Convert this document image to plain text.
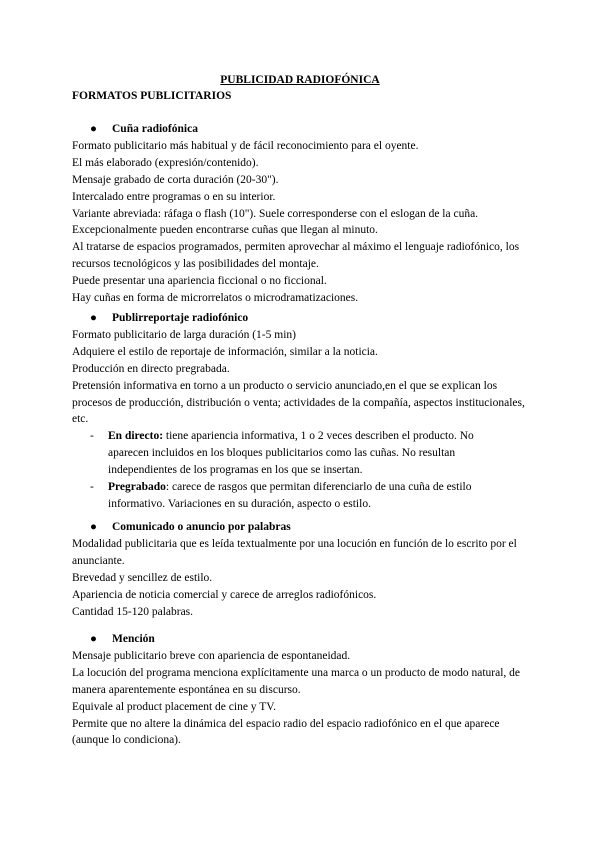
PUBLICIDAD RADIOFÓNICA
FORMATOS PUBLICITARIOS
●	Cuña radiofónica
Formato publicitario más habitual y de fácil reconocimiento para el oyente.
El más elaborado (expresión/contenido).
Mensaje grabado de corta duración (20-30").
Intercalado entre programas o en su interior.
Variante abreviada: ráfaga o flash (10"). Suele corresponderse con el eslogan de la cuña.
Excepcionalmente pueden encontrarse cuñas que llegan al minuto.
Al tratarse de espacios programados, permiten aprovechar al máximo el lenguaje radiofónico, los recursos tecnológicos y las posibilidades del montaje.
Puede presentar una apariencia ficcional o no ficcional.
Hay cuñas en forma de microrrelatos o microdramatizaciones.
●	Publirreportaje radiofónico
Formato publicitario de larga duración (1-5 min)
Adquiere el estilo de reportaje de información, similar a la noticia.
Producción en directo pregrabada.
Pretensión informativa en torno a un producto o servicio anunciado,en el que se explican los procesos de producción, distribución o venta; actividades de la compañía, aspectos institucionales, etc.
-	En directo: tiene apariencia informativa, 1 o 2 veces describen el producto. No aparecen incluidos en los bloques publicitarios como las cuñas. No resultan independientes de los programas en los que se insertan.
-	Pregrabado: carece de rasgos que permitan diferenciarlo de una cuña de estilo informativo. Variaciones en su duración, aspecto o estilo.
●	Comunicado o anuncio por palabras
Modalidad publicitaria que es leída textualmente por una locución en función de lo escrito por el anunciante.
Brevedad y sencillez de estilo.
Apariencia de noticia comercial y carece de arreglos radiofónicos.
Cantidad 15-120 palabras.
●	Mención
Mensaje publicitario breve con apariencia de espontaneidad.
La locución del programa menciona explícitamente una marca o un producto de modo natural, de manera aparentemente espontánea en su discurso.
Equivale al product placement de cine y TV.
Permite que no altere la dinámica del espacio radio del espacio radiofónico en el que aparece (aunque lo condiciona).
